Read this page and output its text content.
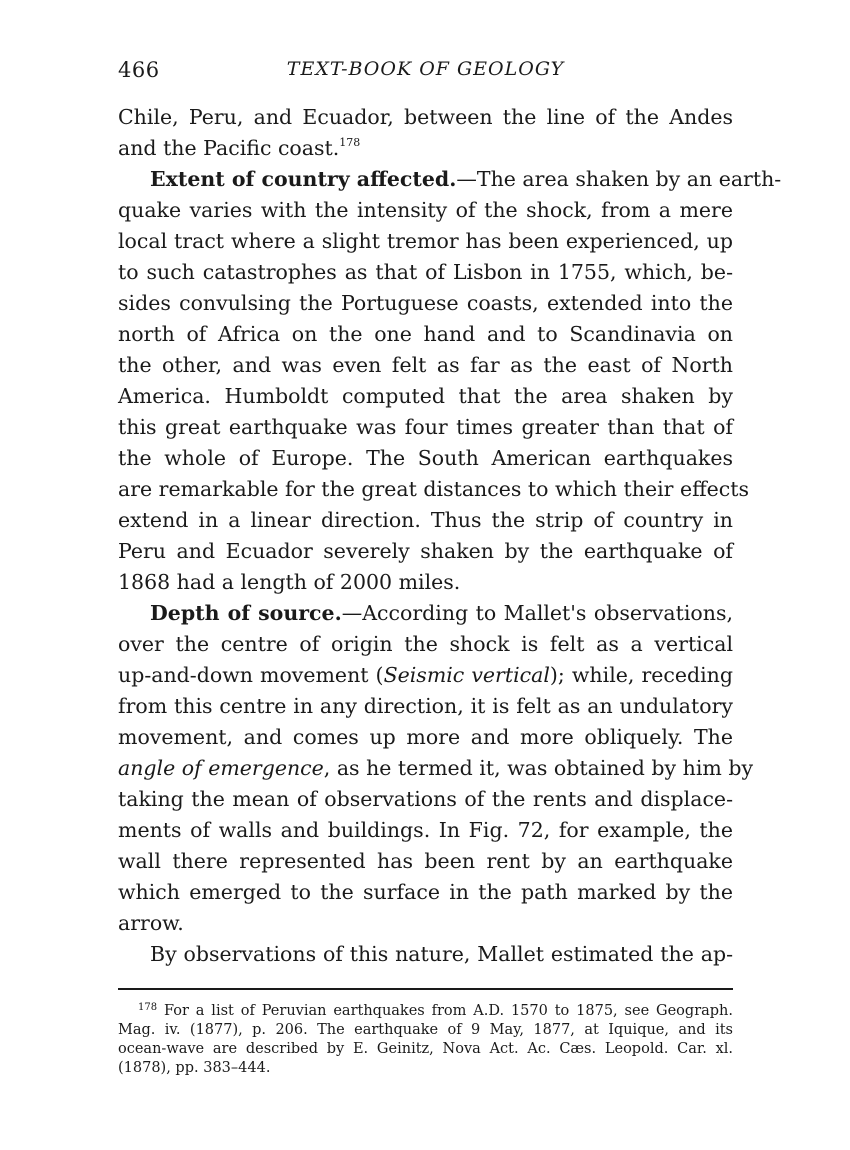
466	TEXT-BOOK OF GEOLOGY
Chile, Peru, and Ecuador, between the line of the Andes
and the Pacific coast.$^{178}$
Extent of country affected.—The area shaken by an earth-
quake varies with the intensity of the shock, from a mere
local tract where a slight tremor has been experienced, up
to such catastrophes as that of Lisbon in 1755, which, be-
sides convulsing the Portuguese coasts, extended into the
north of Africa on the one hand and to Scandinavia on
the other, and was even felt as far as the east of North
America. Humboldt computed that the area shaken by
this great earthquake was four times greater than that of
the whole of Europe. The South American earthquakes
are remarkable for the great distances to which their effects
extend in a linear direction. Thus the strip of country in
Peru and Ecuador severely shaken by the earthquake of
1868 had a length of 2000 miles.
Depth of source.—According to Mallet's observations,
over the centre of origin the shock is felt as a vertical
up-and-down movement (Seismic vertical); while, receding
from this centre in any direction, it is felt as an undulatory
movement, and comes up more and more obliquely. The
angle of emergence, as he termed it, was obtained by him by
taking the mean of observations of the rents and displace-
ments of walls and buildings. In Fig. 72, for example, the
wall there represented has been rent by an earthquake
which emerged to the surface in the path marked by the
arrow.
By observations of this nature, Mallet estimated the ap-
$^{178}$ For a list of Peruvian earthquakes from A.D. 1570 to 1875, see Geograph.
Mag. iv. (1877), p. 206. The earthquake of 9 May, 1877, at Iquique, and its
ocean-wave are described by E. Geinitz, Nova Act. Ac. Cæs. Leopold. Car. xl.
(1878), pp. 383–444.
